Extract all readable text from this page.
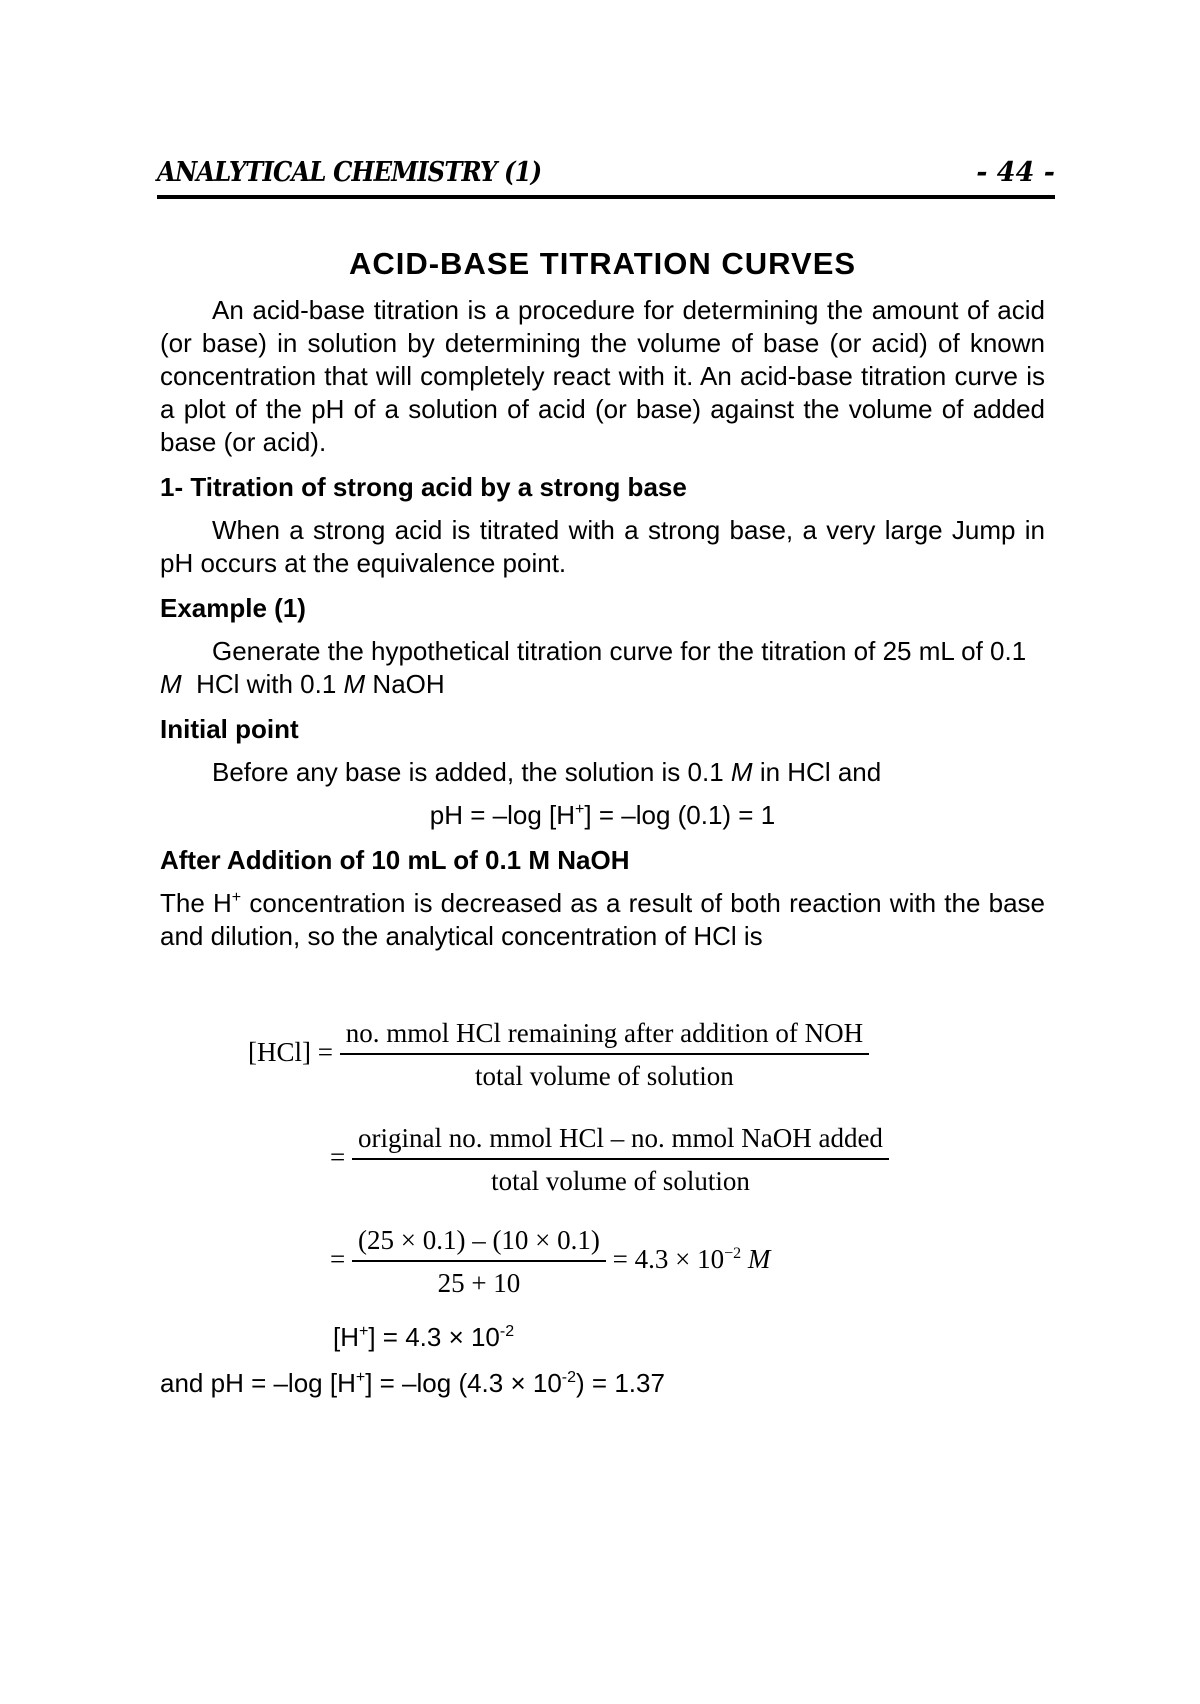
ANALYTICAL CHEMISTRY (1)	- 44 -
ACID-BASE TITRATION CURVES

An acid-base titration is a procedure for determining the amount of acid (or base) in solution by determining the volume of base (or acid) of known concentration that will completely react with it. An acid-base titration curve is a plot of the pH of a solution of acid (or base) against the volume of added base (or acid).

1- Titration of strong acid by a strong base

When a strong acid is titrated with a strong base, a very large Jump in pH occurs at the equivalence point.

Example (1)

Generate the hypothetical titration curve for the titration of 25 mL of 0.1 M HCl with 0.1 M NaOH

Initial point

Before any base is added, the solution is 0.1 M in HCl and

pH = –log [H+] = –log (0.1) = 1

After Addition of 10 mL of 0.1 M NaOH

The H+ concentration is decreased as a result of both reaction with the base and dilution, so the analytical concentration of HCl is

$[HCl] = \frac{\text{no. mmol HCl remaining after addition of NOH}}{\text{total volume of solution}}$
= $\frac{\text{original no. mmol HCl – no. mmol NaOH added}}{\text{total volume of solution}}$
= $\frac{(25 \times 0.1) - (10 \times 0.1)}{25 + 10} = 4.3 \times 10^{-2}$ M
$[H^+] = 4.3 \times 10^{-2}$
and pH = –log [H+] = –log $(4.3 \times 10^{-2}) = 1.37$
